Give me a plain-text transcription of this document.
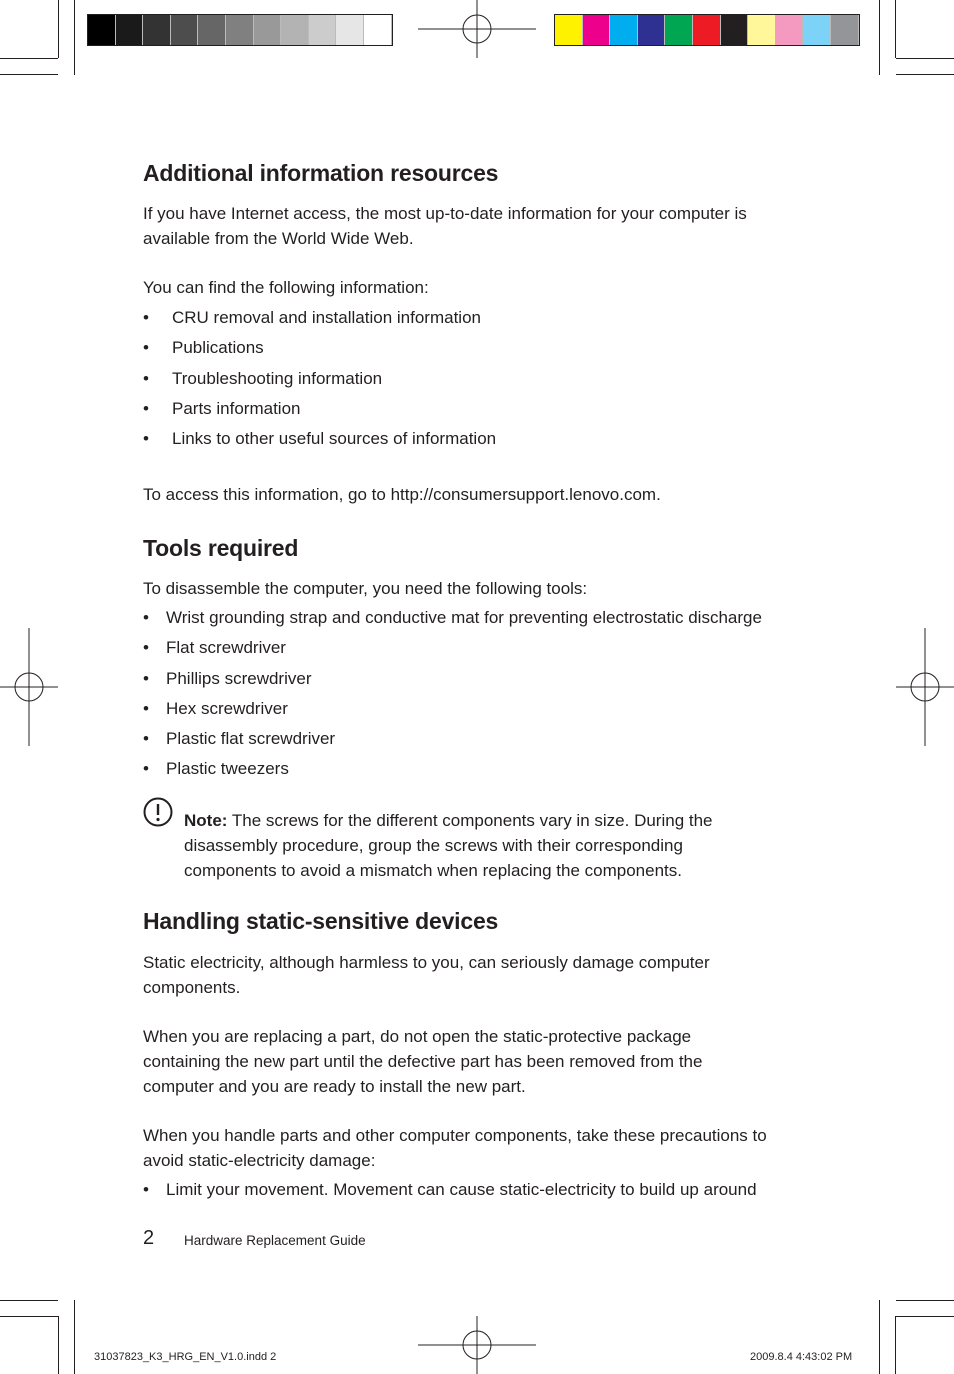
Additional information resources

If you have Internet access, the most up-to-date information for your computer is available from the World Wide Web.

You can find the following information:

• CRU removal and installation information
• Publications
• Troubleshooting information
• Parts information
• Links to other useful sources of information

To access this information, go to http://consumersupport.lenovo.com.

Tools required

To disassemble the computer, you need the following tools:

• Wrist grounding strap and conductive mat for preventing electrostatic discharge
• Flat screwdriver
• Phillips screwdriver
• Hex screwdriver
• Plastic flat screwdriver
• Plastic tweezers
Note: The screws for the different components vary in size. During the
disassembly procedure, group the screws with their corresponding
components to avoid a mismatch when replacing the components.
Handling static-sensitive devices

Static electricity, although harmless to you, can seriously damage computer components.

When you are replacing a part, do not open the static-protective package containing the new part until the defective part has been removed from the computer and you are ready to install the new part.

When you handle parts and other computer components, take these precautions to avoid static-electricity damage:

• Limit your movement. Movement can cause static-electricity to build up around
2 Hardware Replacement Guide
31037823_K3_HRG_EN_V1.0.indd 2	2009.8.4 4:43:02 PM
